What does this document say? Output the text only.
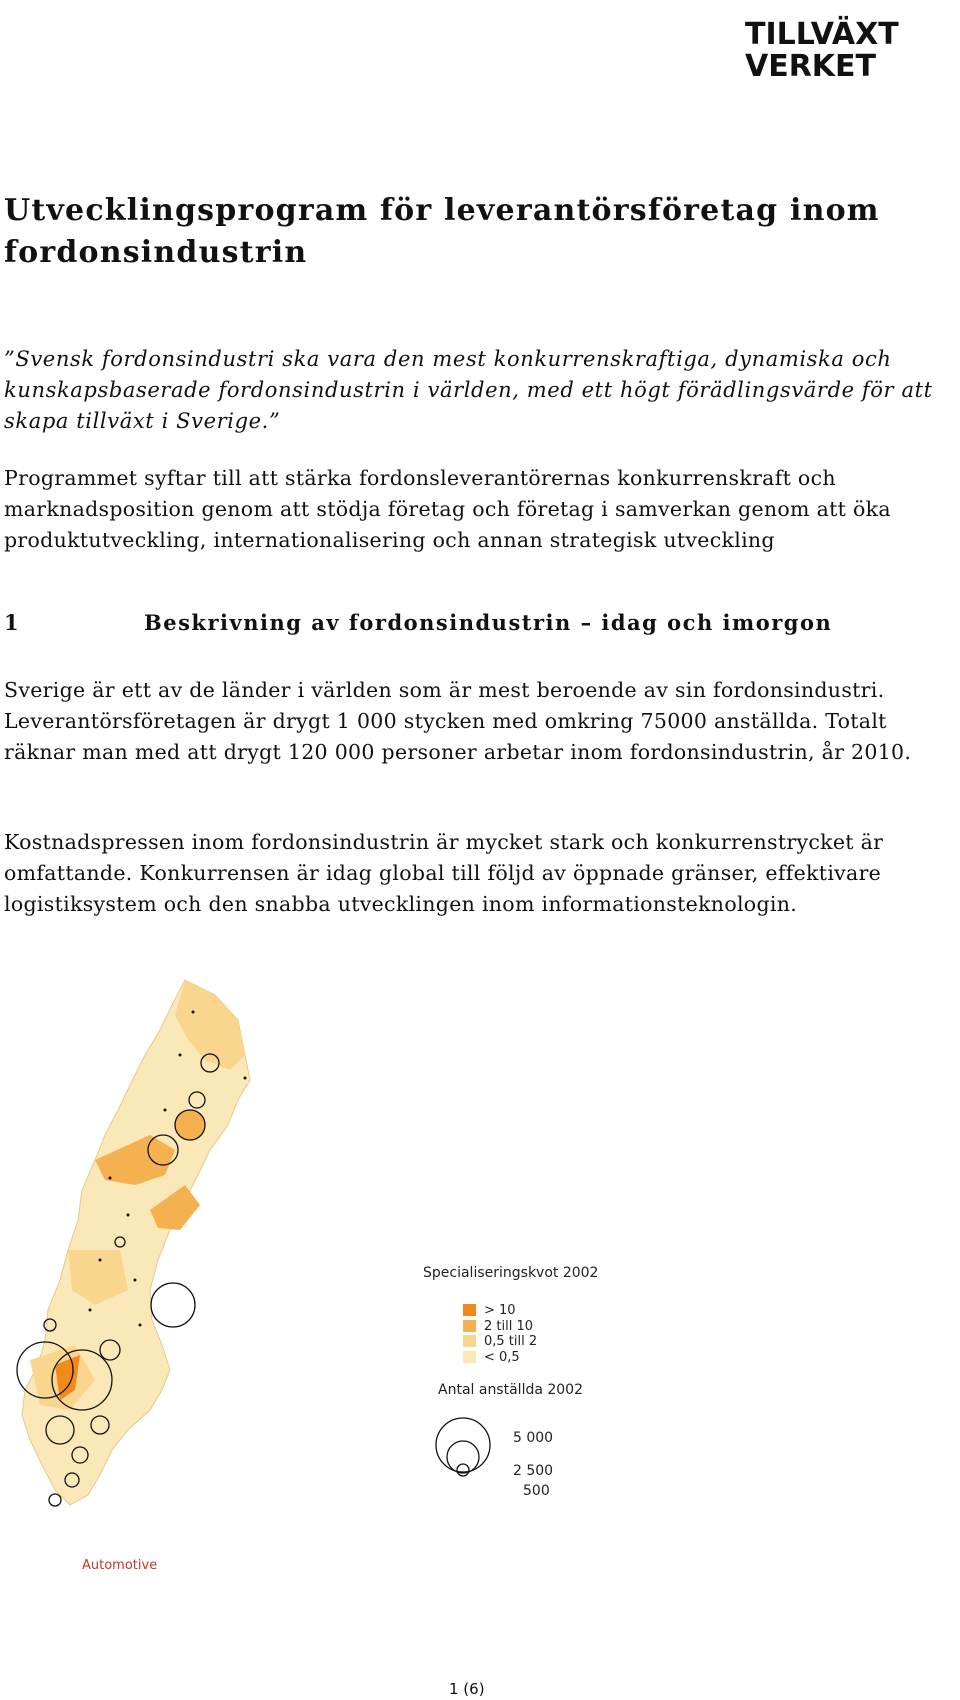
TILLVÄXT
VERKET
Utvecklingsprogram för leverantörsföretag inom fordonsindustrin

”Svensk fordonsindustri ska vara den mest konkurrenskraftiga, dynamiska och kunskapsbaserade fordonsindustrin i världen, med ett högt förädlingsvärde för att skapa tillväxt i Sverige.”

Programmet syftar till att stärka fordonsleverantörernas konkurrenskraft och marknadsposition genom att stödja företag och företag i samverkan genom att öka produktutveckling, internationalisering och annan strategisk utveckling

1	Beskrivning av fordonsindustrin – idag och imorgon

Sverige är ett av de länder i världen som är mest beroende av sin fordonsindustri. Leverantörsföretagen är drygt 1 000 stycken med omkring 75000 anställda. Totalt räknar man med att drygt 120 000 personer arbetar inom fordonsindustrin, år 2010.

Kostnadspressen inom fordonsindustrin är mycket stark och konkurrenstrycket är omfattande. Konkurrensen är idag global till följd av öppnade gränser, effektivare logistiksystem och den snabba utvecklingen inom informationsteknologin.

Specialiseringskvot 2002
> 10
2 till 10
0,5 till 2
< 0,5
Antal anställda 2002
5 000
2 500
500
Automotive
1 (6)
